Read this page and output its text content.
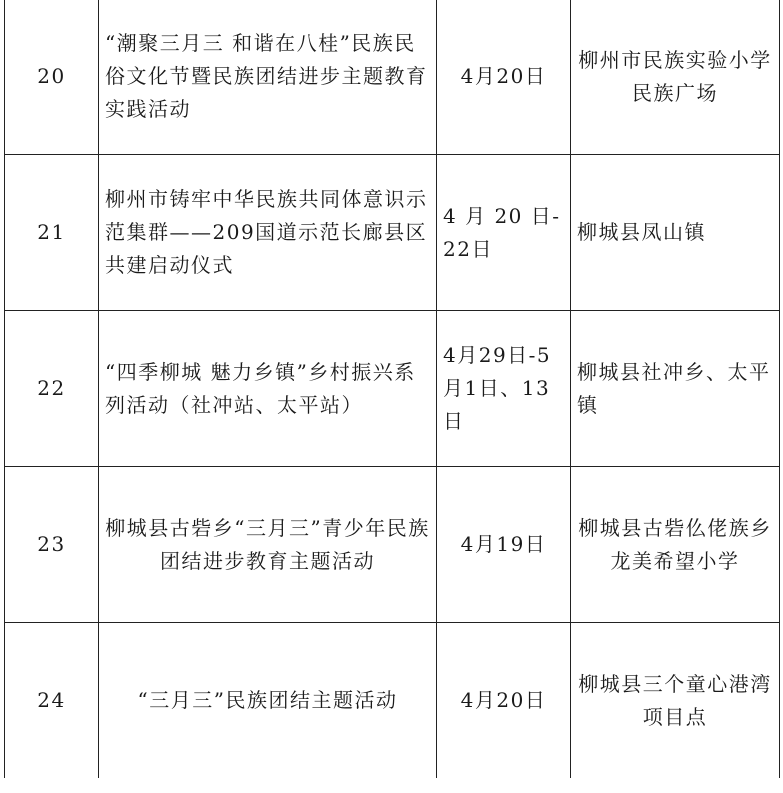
20	“潮聚三月三 和谐在八桂”民族民俗文化节暨民族团结进步主题教育实践活动	4月20日	柳州市民族实验小学民族广场
21	柳州市铸牢中华民族共同体意识示范集群——209国道示范长廊县区共建启动仪式	4 月 20 日-22日	柳城县凤山镇
22	“四季柳城 魅力乡镇”乡村振兴系列活动（社冲站、太平站）	4月29日-5月1日、13日	柳城县社冲乡、太平镇
23	柳城县古砦乡“三月三”青少年民族团结进步教育主题活动	4月19日	柳城县古砦仫佬族乡龙美希望小学
24	“三月三”民族团结主题活动	4月20日	柳城县三个童心港湾项目点
